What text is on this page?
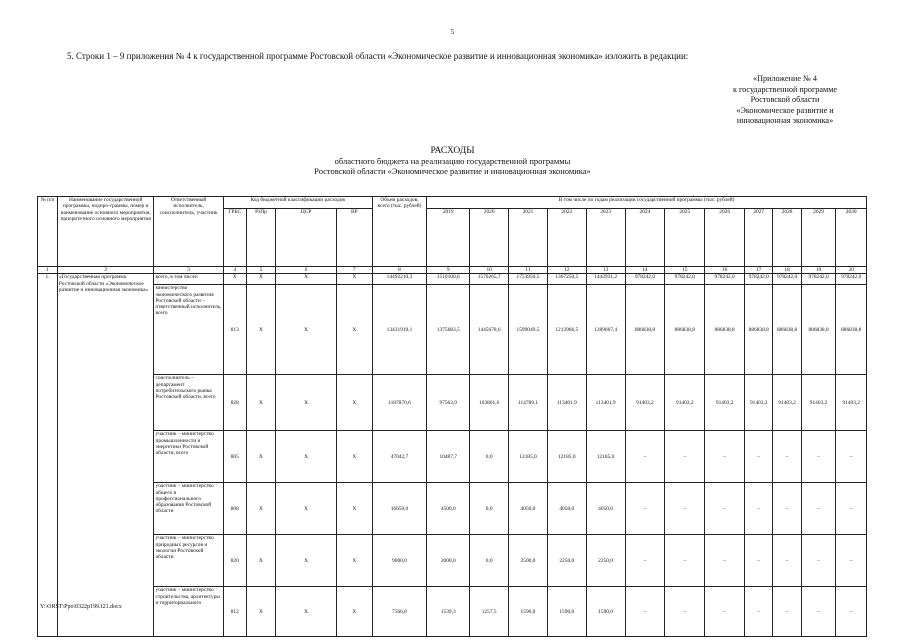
5
5. Строки 1 – 9 приложения № 4 к государственной программе Ростовской области «Экономическое развитие и инновационная экономика» изложить в редакции:
«Приложение № 4
к государственной программе
Ростовской области
«Экономическое развитие и
инновационная экономика»
РАСХОДЫ
областного бюджета на реализацию государственной программы
Ростовской области «Экономическое развитие и инновационная экономика»
№ п/п	Наименование государственной программы, подпро-граммы, номер и наименование основного мероприятия, приоритетного основного мероприятия	Ответственный исполнитель, соисполнитель, участник	Код бюджетной классификации расходов				Объем расходов, всего (тыс. рублей)	В том числе по годам реализации государственной программы (тыс. рублей)											
			ГРБС	РзПр	ЦСР	ВР		2019	2020	2021	2022	2023	2024	2025	2026	2027	2028	2029	2030
1	2	3	4	5	6	7	8	9	10	11	12	13	14	15	16	17	18	19	20
1.	«Государственная программа Ростовской области «Экономическое развитие и инновационная экономика»	всего, в том числе:	X	X	X	X	14492210,3	1510100,6	1570265,7	1753950,5	1367250,5	1442931,2	978242,0	978242,0	978242,0	978242,0	978242,0	978242,0	978242,0
		министерство экономического развития Ростовской области – ответственный исполнитель, всего	813	X	X	X	13431919,1	1375683,5	1445678,6	1599049,5	1213966,5	1289667,4	886838,8	886838,8	886838,8	886838,8	886838,8	886838,8	886838,8
		соисполнитель – департамент потребительского рынка Ростовской области, всего	828	X	X	X	1187870,6	97563,9	103861,6	114789,1	113401,9	113401,9	91403,2	91403,2	91403,2	91403,2	91403,2	91403,2	91403,2
		участник – министерство промышленности и энергетики Ростовской области, всего	805	X	X	X	47042,7	10487,7	0,0	12185,0	12185,0	12185,0	–	–	–	–	–	–	–
		участник – министерство общего и профессионального образования Ростовской области	808	X	X	X	16650,0	4500,0	0,0	4050,0	4050,0	4050,0	–	–	–	–	–	–	–
		участник – министерство природных ресурсов и экологии Ростовской области	820	X	X	X	9000,0	2000,0	0,0	2500,0	2250,0	2250,0	–	–	–	–	–	–	–
		участник – министерство строительства, архитектуры и территориального	812	X	X	X	7566,8	1539,3	1257,5	1590,0	1590,0	1590,0	–	–	–	–	–	–	–
Y:\ORST\Ppo\0322p199.f21.docx
